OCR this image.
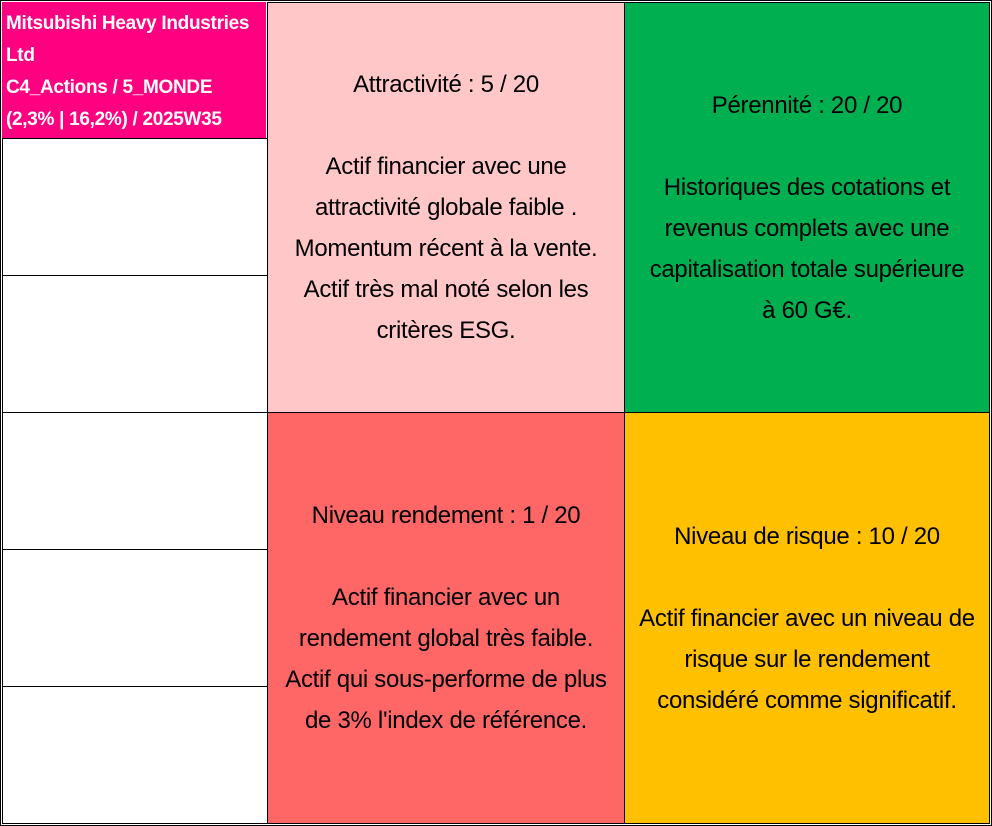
Mitsubishi Heavy Industries
Ltd
C4_Actions / 5_MONDE
(2,3% | 16,2%) / 2025W35
Attractivité : 5 / 20
Actif financier avec une
attractivité globale faible .
Momentum récent à la vente.
Actif très mal noté selon les
critères ESG.
Pérennité : 20 / 20
Historiques des cotations et
revenus complets avec une
capitalisation totale supérieure
à 60 G€.
Niveau rendement : 1 / 20
Actif financier avec un
rendement global très faible.
Actif qui sous-performe de plus
de 3% l'index de référence.
Niveau de risque : 10 / 20
Actif financier avec un niveau de
risque sur le rendement
considéré comme significatif.
